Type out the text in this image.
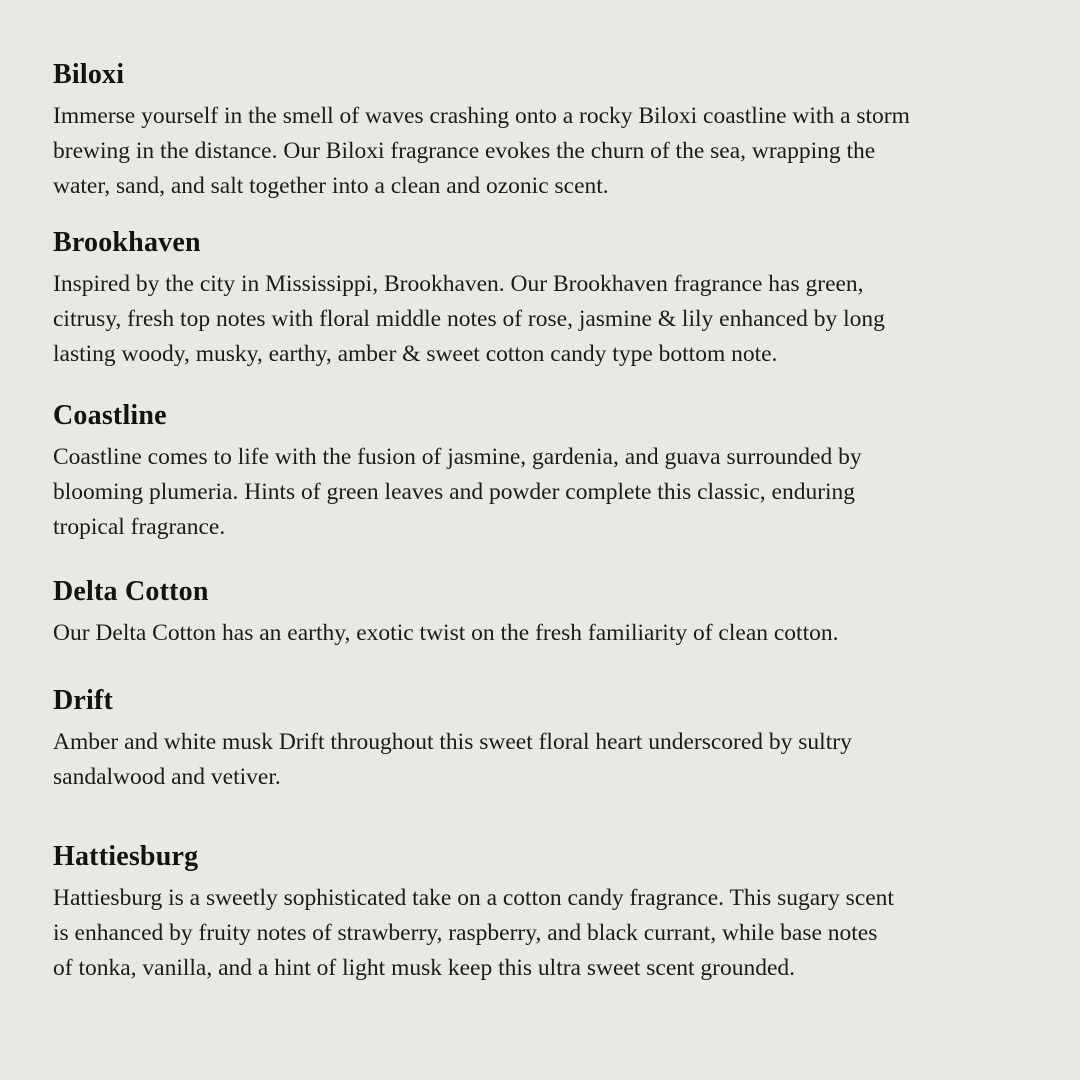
Biloxi

Immerse yourself in the smell of waves crashing onto a rocky Biloxi coastline with a storm
brewing in the distance. Our Biloxi fragrance evokes the churn of the sea, wrapping the
water, sand, and salt together into a clean and ozonic scent.

Brookhaven

Inspired by the city in Mississippi, Brookhaven. Our Brookhaven fragrance has green,
citrusy, fresh top notes with floral middle notes of rose, jasmine & lily enhanced by long
lasting woody, musky, earthy, amber & sweet cotton candy type bottom note.

Coastline

Coastline comes to life with the fusion of jasmine, gardenia, and guava surrounded by
blooming plumeria. Hints of green leaves and powder complete this classic, enduring
tropical fragrance.

Delta Cotton

Our Delta Cotton has an earthy, exotic twist on the fresh familiarity of clean cotton.

Drift

Amber and white musk Drift throughout this sweet floral heart underscored by sultry
sandalwood and vetiver.

Hattiesburg

Hattiesburg is a sweetly sophisticated take on a cotton candy fragrance. This sugary scent
is enhanced by fruity notes of strawberry, raspberry, and black currant, while base notes
of tonka, vanilla, and a hint of light musk keep this ultra sweet scent grounded.
